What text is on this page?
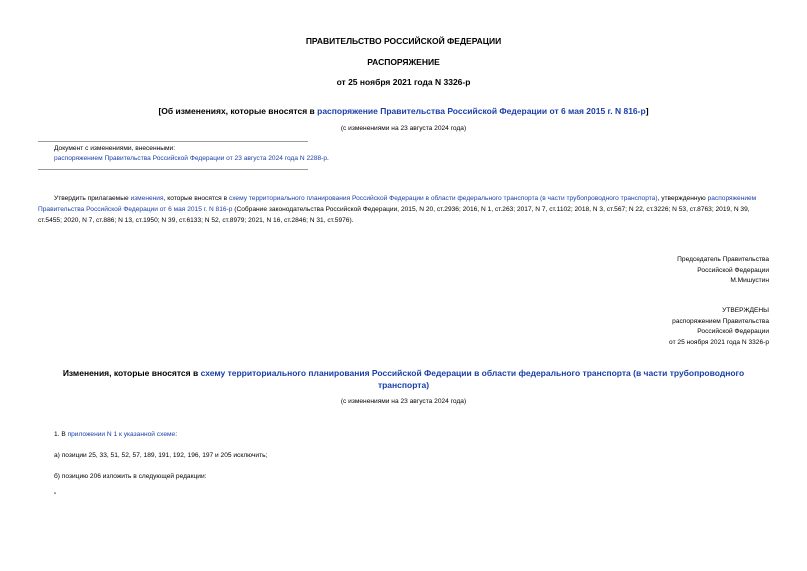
ПРАВИТЕЛЬСТВО РОССИЙСКОЙ ФЕДЕРАЦИИ
РАСПОРЯЖЕНИЕ
от 25 ноября 2021 года N 3326-р
[Об изменениях, которые вносятся в распоряжение Правительства Российской Федерации от 6 мая 2015 г. N 816-р]
(с изменениями на 23 августа 2024 года)
Документ с изменениями, внесенными:
распоряжением Правительства Российской Федерации от 23 августа 2024 года N 2288-р.
Утвердить прилагаемые изменения, которые вносятся в схему территориального планирования Российской Федерации в области федерального транспорта (в части трубопроводного транспорта), утвержденную распоряжением Правительства Российской Федерации от 6 мая 2015 г. N 816-р (Собрание законодательства Российской Федерации, 2015, N 20, ст.2936; 2016, N 1, ст.263; 2017, N 7, ст.1102; 2018, N 3, ст.567; N 22, ст.3226; N 53, ст.8763; 2019, N 39, ст.5455; 2020, N 7, ст.886; N 13, ст.1950; N 39, ст.6133; N 52, ст.8979; 2021, N 16, ст.2846; N 31, ст.5976).
Председатель Правительства
Российской Федерации
М.Мишустин
УТВЕРЖДЕНЫ
распоряжением Правительства
Российской Федерации
от 25 ноября 2021 года N 3326-р
Изменения, которые вносятся в схему территориального планирования Российской Федерации в области федерального транспорта (в части трубопроводного транспорта)
(с изменениями на 23 августа 2024 года)
1. В приложении N 1 к указанной схеме:
а) позиции 25, 33, 51, 52, 57, 189, 191, 192, 196, 197 и 205 исключить;
б) позицию 206 изложить в следующей редакции:
"
